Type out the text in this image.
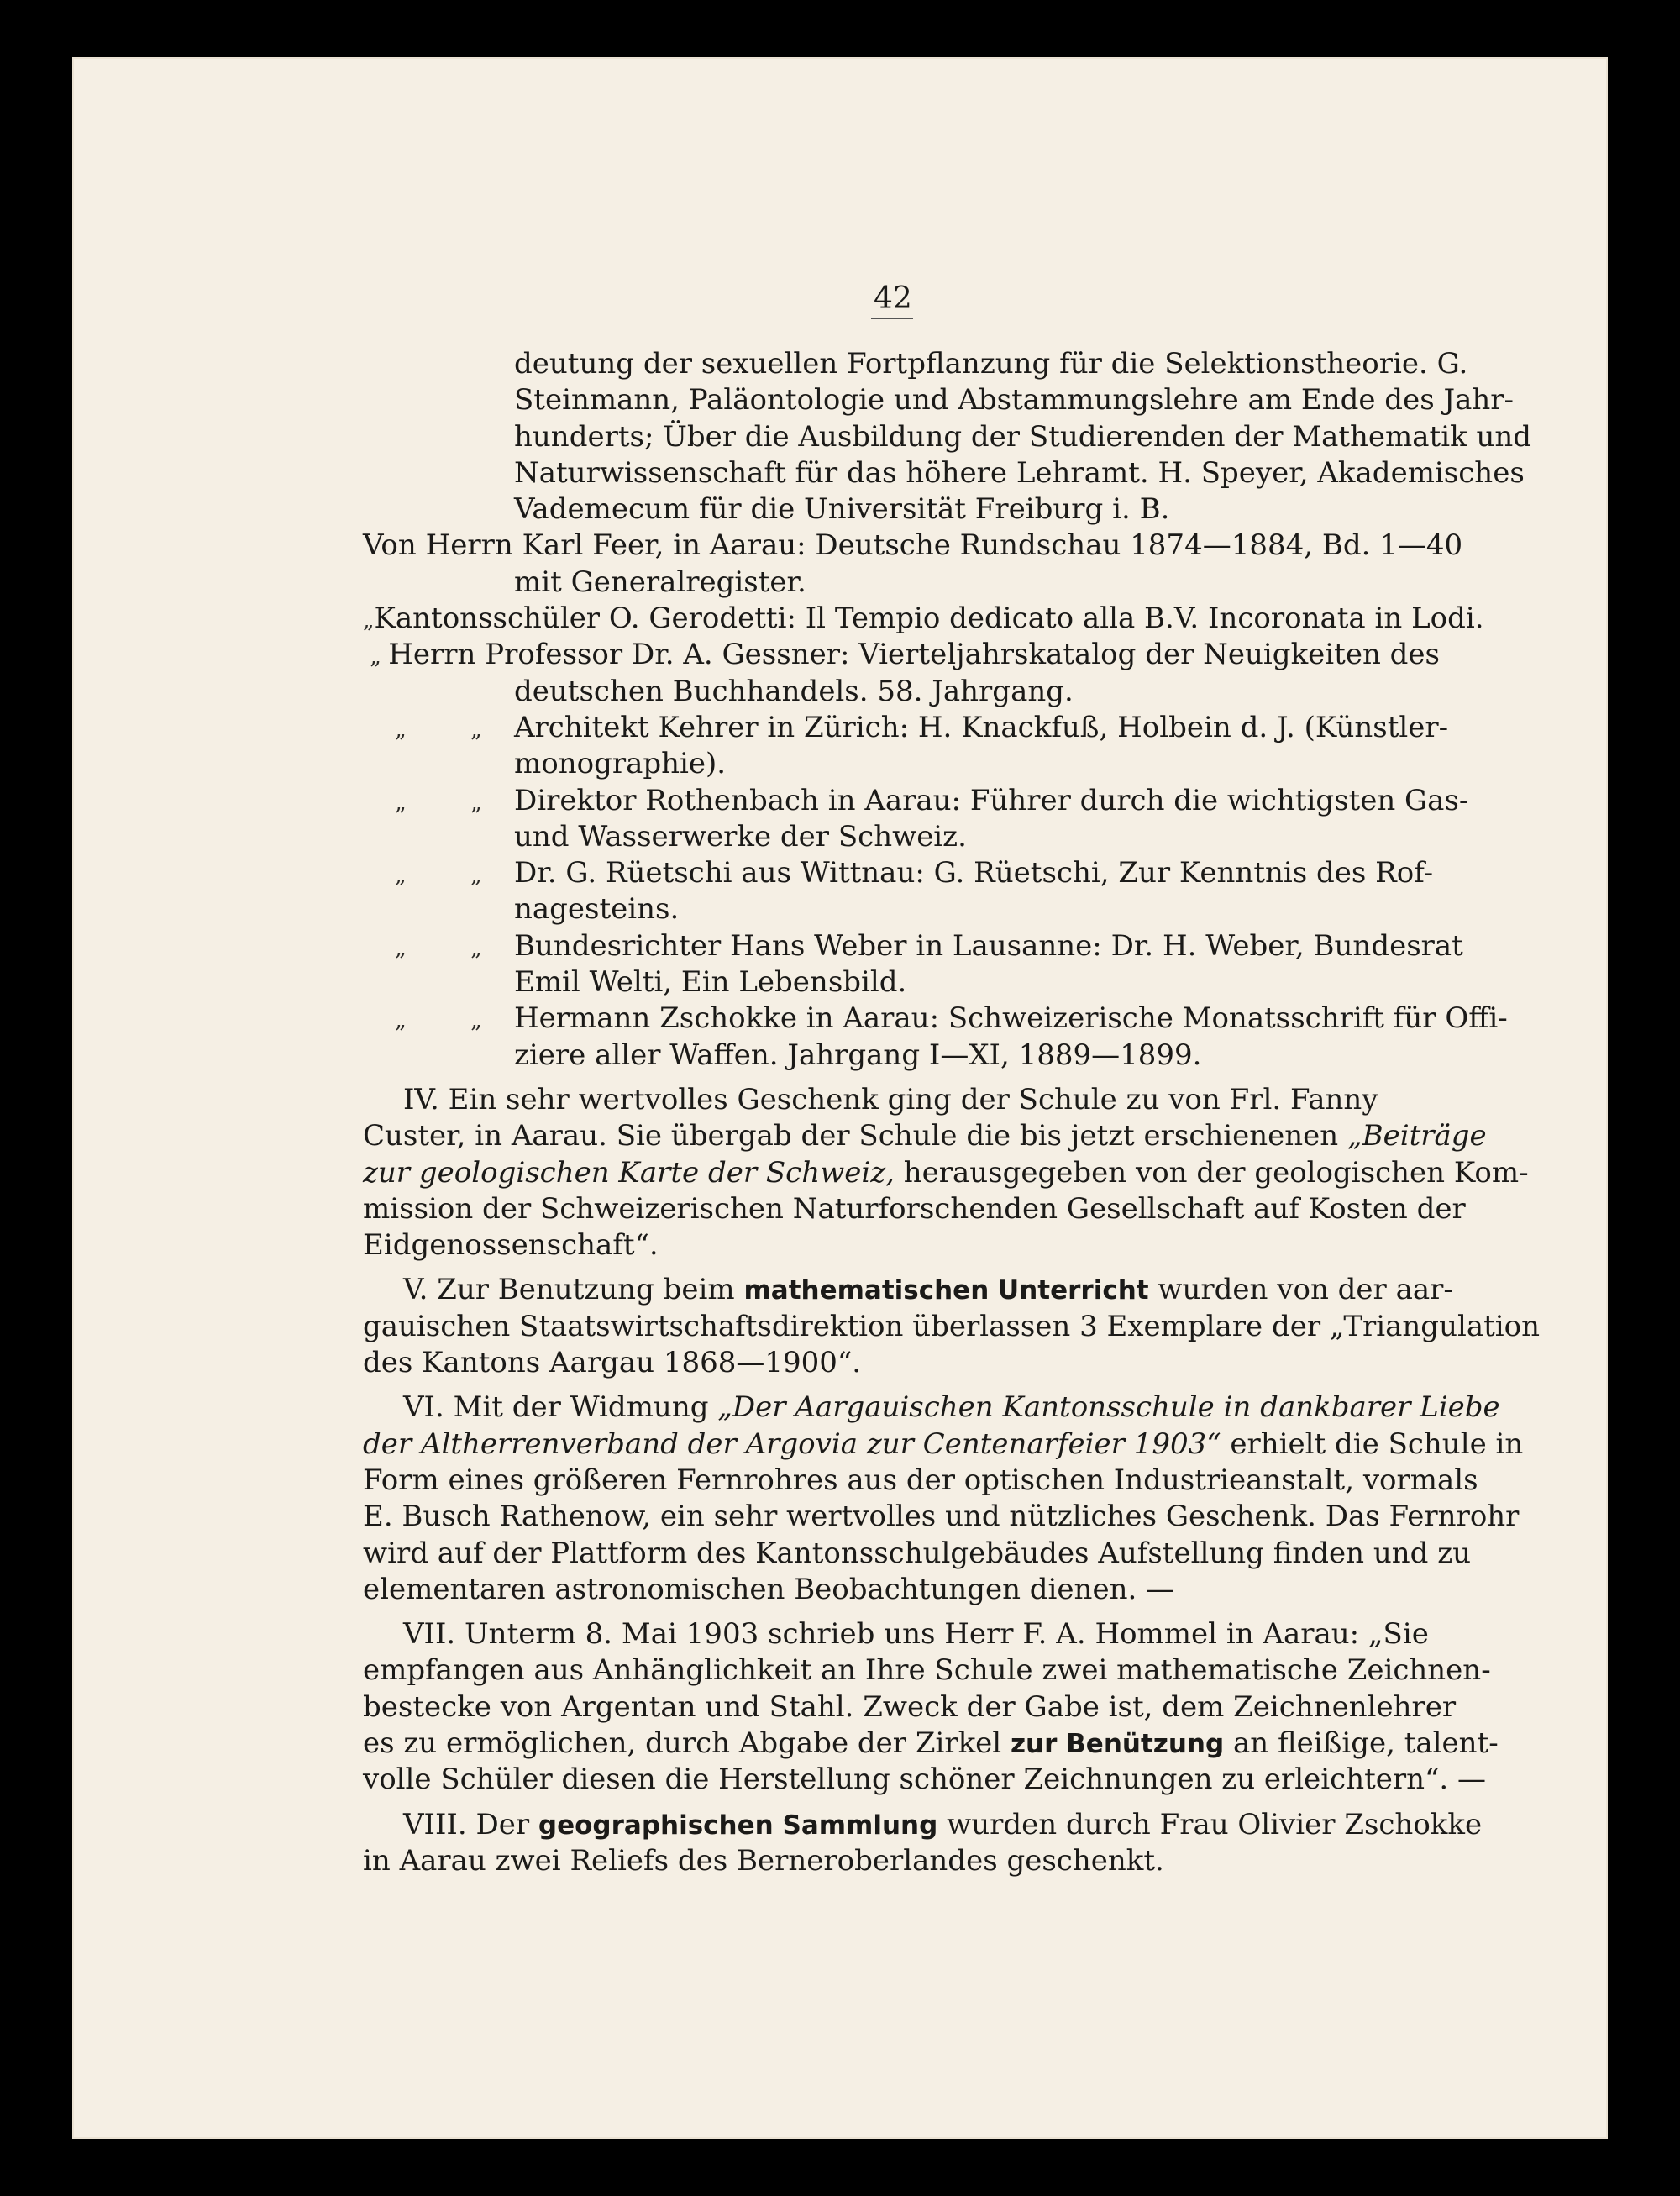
42
deutung der sexuellen Fortpflanzung für die Selektionstheorie. G.
Steinmann, Paläontologie und Abstammungslehre am Ende des Jahr-
hunderts; Über die Ausbildung der Studierenden der Mathematik und
Naturwissenschaft für das höhere Lehramt. H. Speyer, Akademisches
Vademecum für die Universität Freiburg i. B.
Von Herrn Karl Feer, in Aarau: Deutsche Rundschau 1874—1884, Bd. 1—40
mit Generalregister.
„ Kantonsschüler O. Gerodetti: Il Tempio dedicato alla B.V. Incoronata in Lodi.
„ Herrn Professor Dr. A. Gessner: Vierteljahrskatalog der Neuigkeiten des
deutschen Buchhandels. 58. Jahrgang.
„	„	Architekt Kehrer in Zürich: H. Knackfuß, Holbein d. J. (Künstler-
monographie).
„	„	Direktor Rothenbach in Aarau: Führer durch die wichtigsten Gas-
und Wasserwerke der Schweiz.
„	„	Dr. G. Rüetschi aus Wittnau: G. Rüetschi, Zur Kenntnis des Rof-
nagesteins.
„	„	Bundesrichter Hans Weber in Lausanne: Dr. H. Weber, Bundesrat
Emil Welti, Ein Lebensbild.
„	„	Hermann Zschokke in Aarau: Schweizerische Monatsschrift für Offi-
ziere aller Waffen. Jahrgang I—XI, 1889—1899.
IV. Ein sehr wertvolles Geschenk ging der Schule zu von Frl. Fanny
Custer, in Aarau. Sie übergab der Schule die bis jetzt erschienenen „Beiträge
zur geologischen Karte der Schweiz, herausgegeben von der geologischen Kom-
mission der Schweizerischen Naturforschenden Gesellschaft auf Kosten der
Eidgenossenschaft“.
V. Zur Benutzung beim mathematischen Unterricht wurden von der aar-
gauischen Staatswirtschaftsdirektion überlassen 3 Exemplare der „Triangulation
des Kantons Aargau 1868—1900“.
VI. Mit der Widmung „Der Aargauischen Kantonsschule in dankbarer Liebe
der Altherrenverband der Argovia zur Centenarfeier 1903“ erhielt die Schule in
Form eines größeren Fernrohres aus der optischen Industrieanstalt, vormals
E. Busch Rathenow, ein sehr wertvolles und nützliches Geschenk. Das Fernrohr
wird auf der Plattform des Kantonsschulgebäudes Aufstellung finden und zu
elementaren astronomischen Beobachtungen dienen. —
VII. Unterm 8. Mai 1903 schrieb uns Herr F. A. Hommel in Aarau: „Sie
empfangen aus Anhänglichkeit an Ihre Schule zwei mathematische Zeichnen-
bestecke von Argentan und Stahl. Zweck der Gabe ist, dem Zeichnenlehrer
es zu ermöglichen, durch Abgabe der Zirkel zur Benützung an fleißige, talent-
volle Schüler diesen die Herstellung schöner Zeichnungen zu erleichtern“. —
VIII. Der geographischen Sammlung wurden durch Frau Olivier Zschokke
in Aarau zwei Reliefs des Berneroberlandes geschenkt.
